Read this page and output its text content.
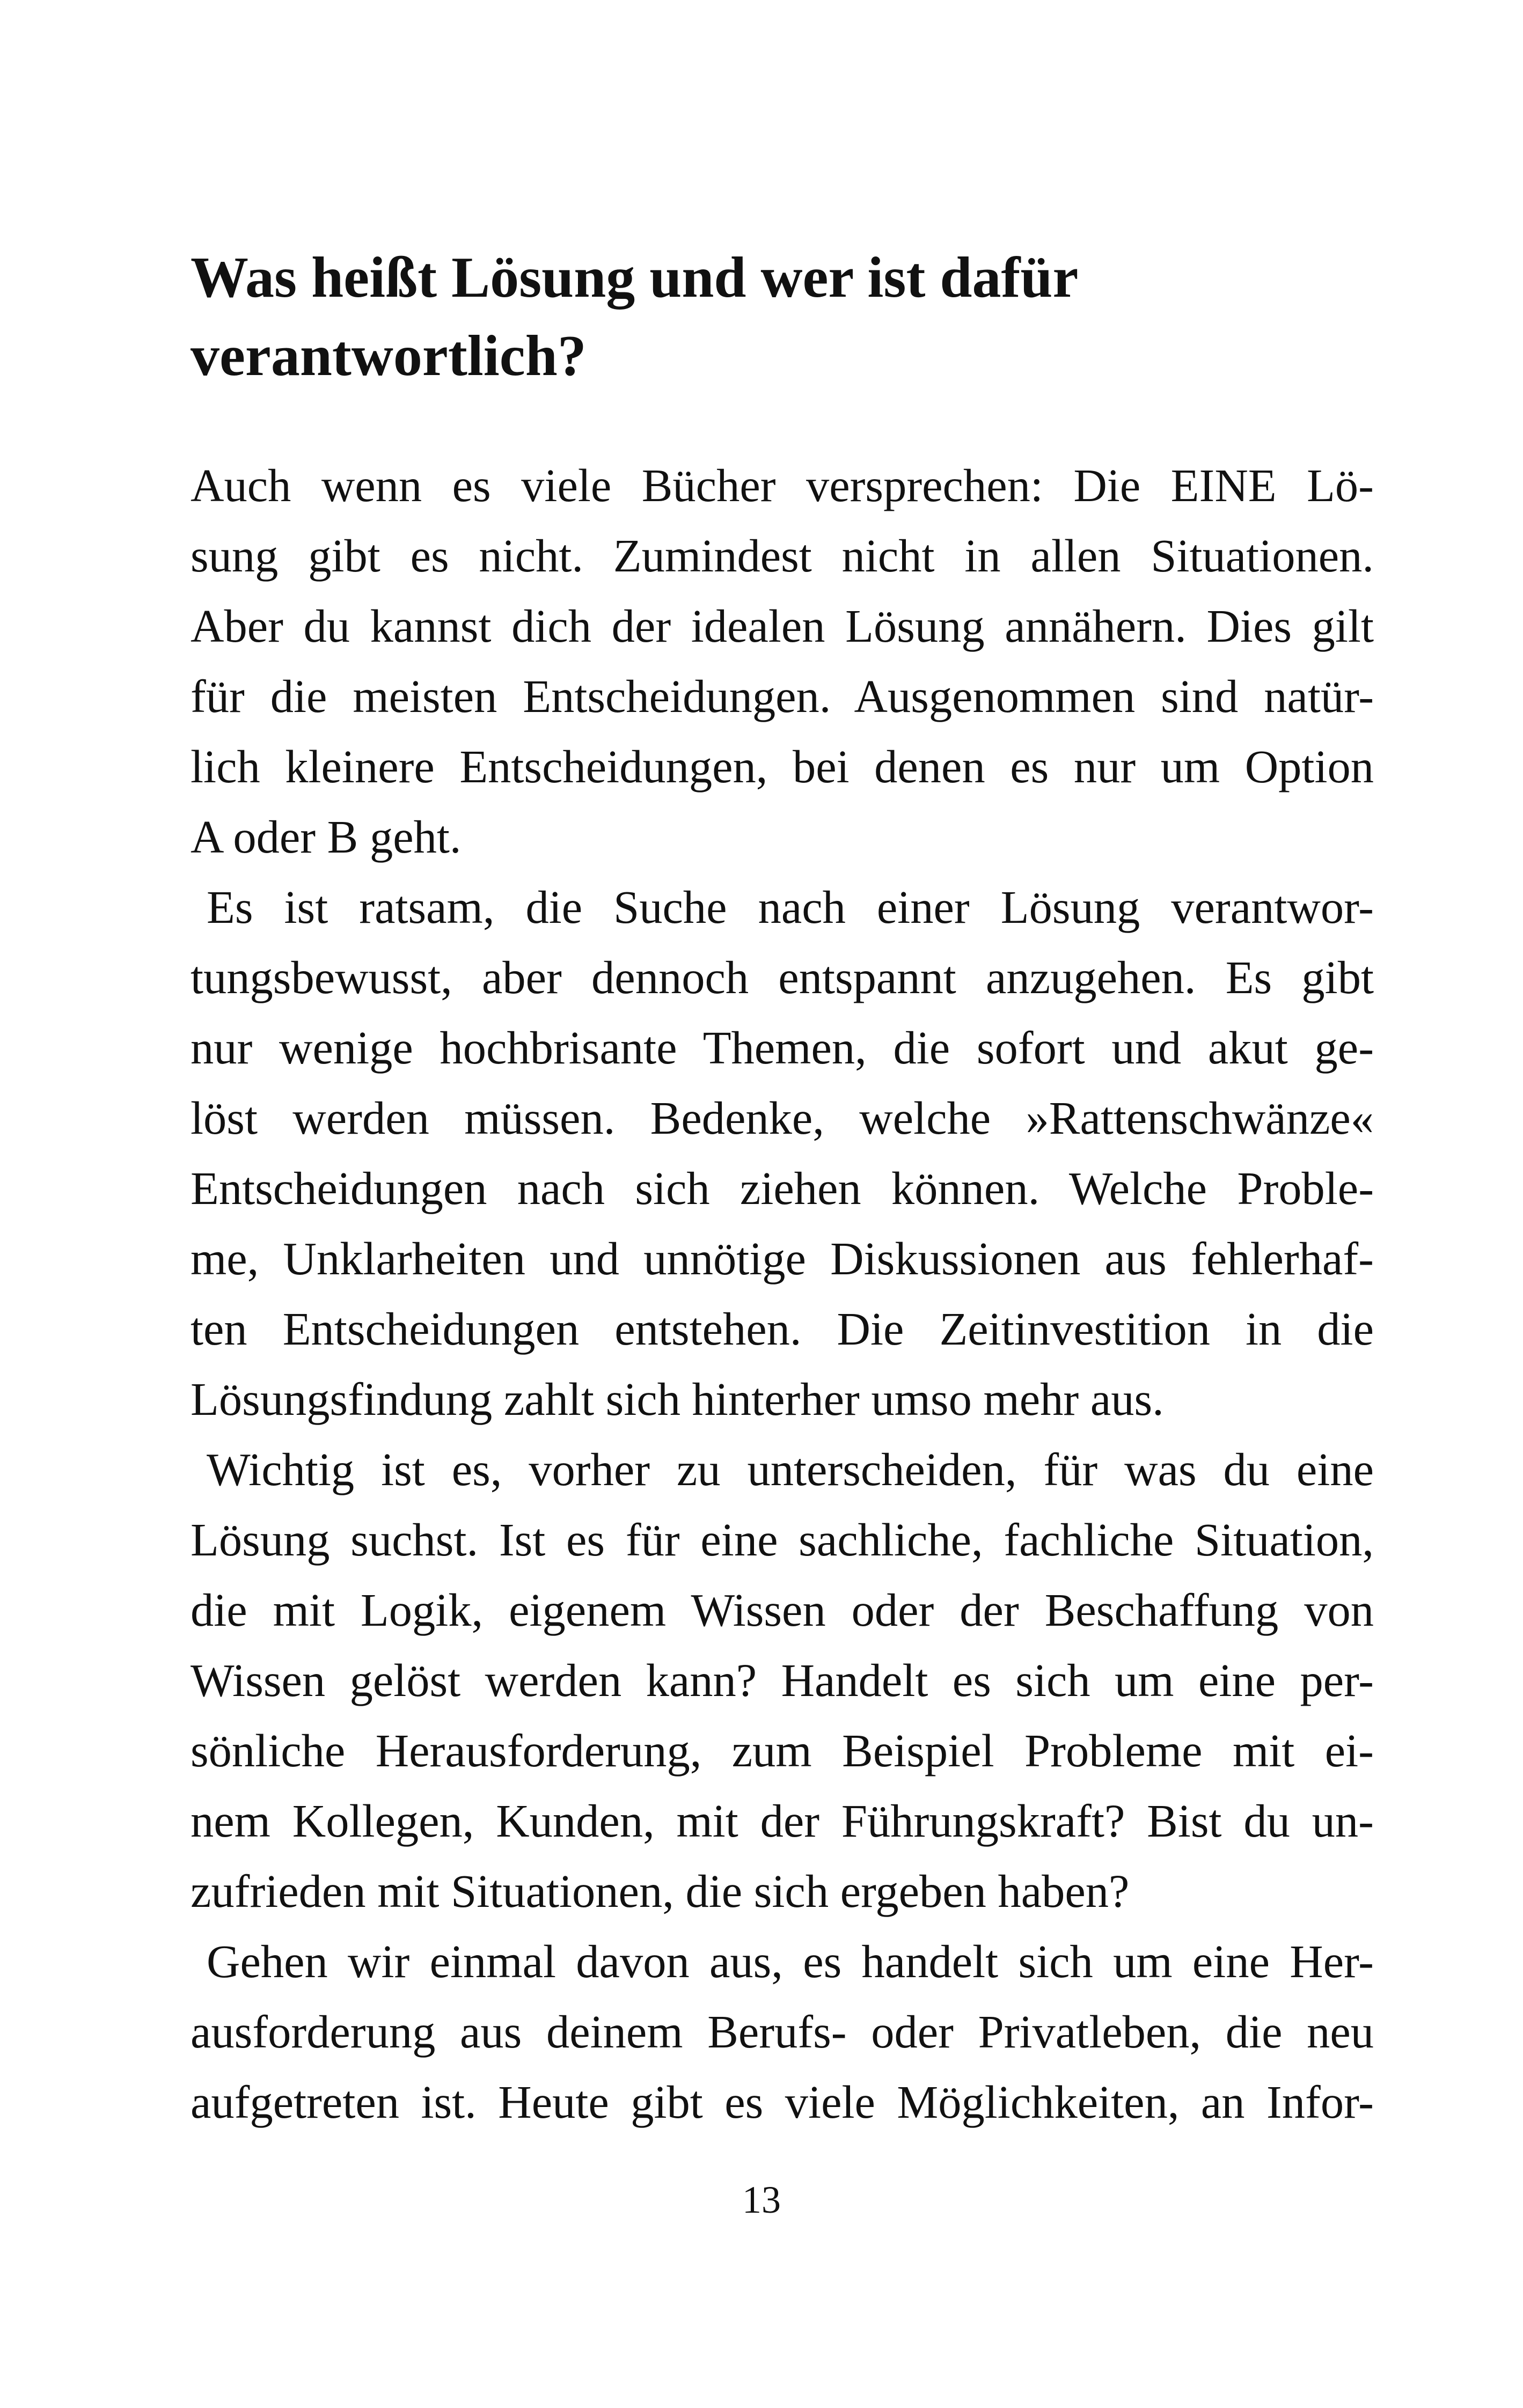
Was heißt Lösung und wer ist dafür
verantwortlich?
Auch wenn es viele Bücher versprechen: Die EINE Lö-
sung gibt es nicht. Zumindest nicht in allen Situationen.
Aber du kannst dich der idealen Lösung annähern. Dies gilt
für die meisten Entscheidungen. Ausgenommen sind natür-
lich kleinere Entscheidungen, bei denen es nur um Option
A oder B geht.
Es ist ratsam, die Suche nach einer Lösung verantwor-
tungsbewusst, aber dennoch entspannt anzugehen. Es gibt
nur wenige hochbrisante Themen, die sofort und akut ge-
löst werden müssen. Bedenke, welche »Rattenschwänze«
Entscheidungen nach sich ziehen können. Welche Proble-
me, Unklarheiten und unnötige Diskussionen aus fehlerhaf-
ten Entscheidungen entstehen. Die Zeitinvestition in die
Lösungsfindung zahlt sich hinterher umso mehr aus.
Wichtig ist es, vorher zu unterscheiden, für was du eine
Lösung suchst. Ist es für eine sachliche, fachliche Situation,
die mit Logik, eigenem Wissen oder der Beschaffung von
Wissen gelöst werden kann? Handelt es sich um eine per-
sönliche Herausforderung, zum Beispiel Probleme mit ei-
nem Kollegen, Kunden, mit der Führungskraft? Bist du un-
zufrieden mit Situationen, die sich ergeben haben?
Gehen wir einmal davon aus, es handelt sich um eine Her-
ausforderung aus deinem Berufs- oder Privatleben, die neu
aufgetreten ist. Heute gibt es viele Möglichkeiten, an Infor-
13
